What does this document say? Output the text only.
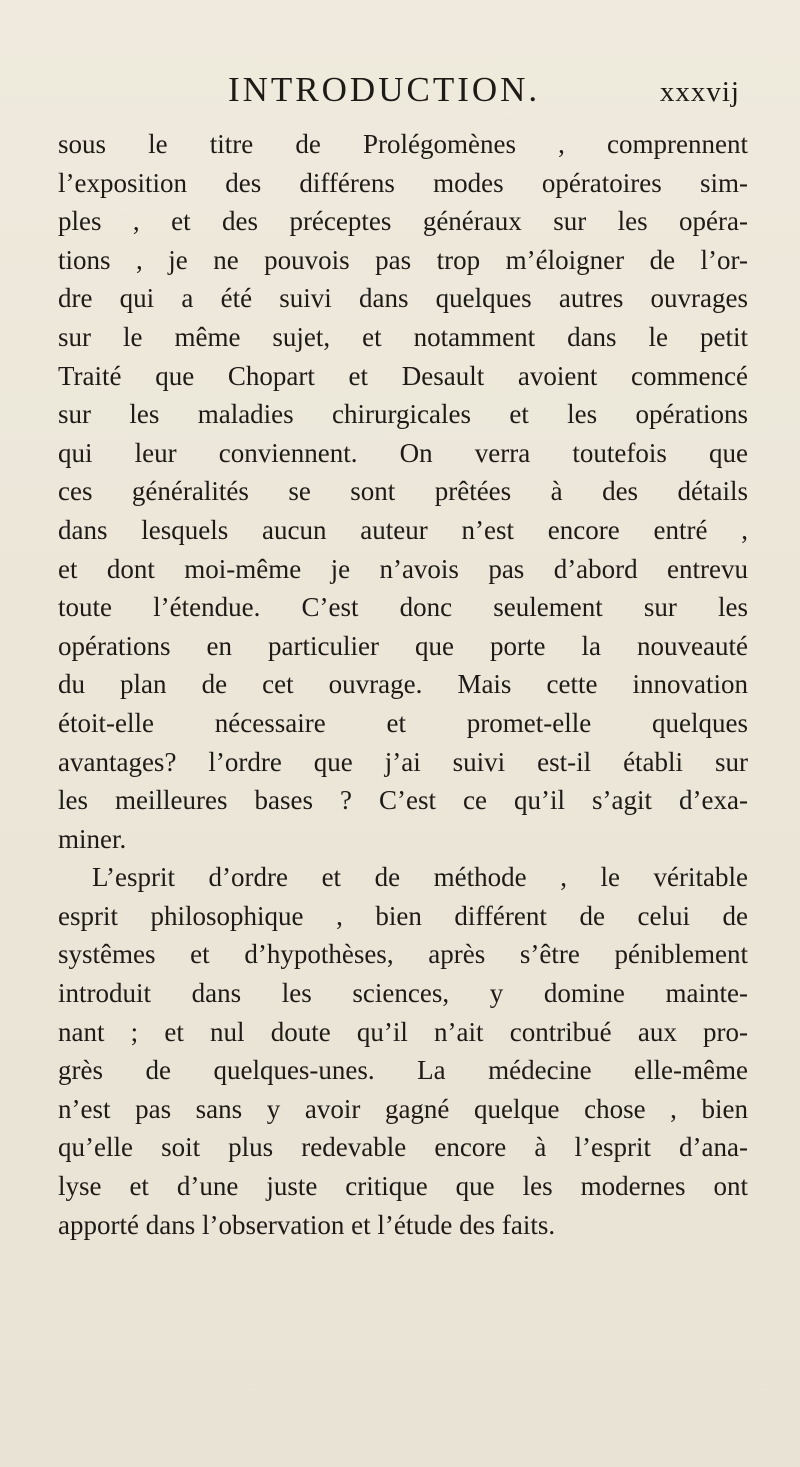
INTRODUCTION.	xxxvij
sous le titre de Prolégomènes , comprennent
l’exposition des différens modes opératoires sim-
ples , et des préceptes généraux sur les opéra-
tions , je ne pouvois pas trop m’éloigner de l’or-
dre qui a été suivi dans quelques autres ouvrages
sur le même sujet, et notamment dans le petit
Traité que Chopart et Desault avoient commencé
sur les maladies chirurgicales et les opérations
qui leur conviennent. On verra toutefois que
ces généralités se sont prêtées à des détails
dans lesquels aucun auteur n’est encore entré ,
et dont moi-même je n’avois pas d’abord entrevu
toute l’étendue. C’est donc seulement sur les
opérations en particulier que porte la nouveauté
du plan de cet ouvrage. Mais cette innovation
étoit-elle nécessaire et promet-elle quelques
avantages? l’ordre que j’ai suivi est-il établi sur
les meilleures bases ? C’est ce qu’il s’agit d’exa-
miner.
L’esprit d’ordre et de méthode , le véritable
esprit philosophique , bien différent de celui de
systêmes et d’hypothèses, après s’être péniblement
introduit dans les sciences, y domine mainte-
nant ; et nul doute qu’il n’ait contribué aux pro-
grès de quelques-unes. La médecine elle-même
n’est pas sans y avoir gagné quelque chose , bien
qu’elle soit plus redevable encore à l’esprit d’ana-
lyse et d’une juste critique que les modernes ont
apporté dans l’observation et l’étude des faits.
